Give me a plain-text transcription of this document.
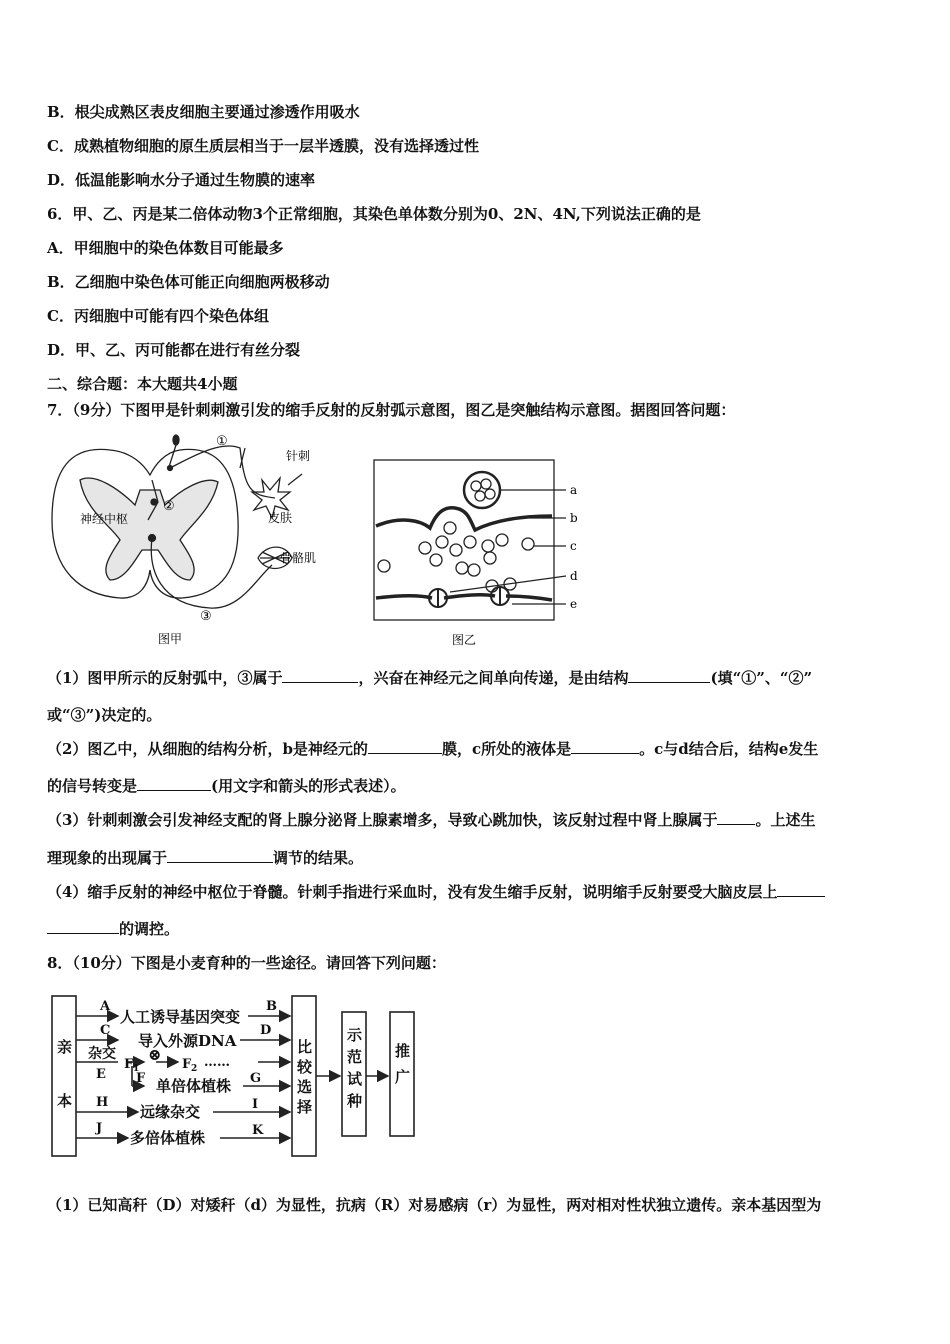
B．根尖成熟区表皮细胞主要通过渗透作用吸水
C．成熟植物细胞的原生质层相当于一层半透膜，没有选择透过性
D．低温能影响水分子通过生物膜的速率
6．甲、乙、丙是某二倍体动物3个正常细胞，其染色单体数分别为0、2N、4N,下列说法正确的是
A．甲细胞中的染色体数目可能最多
B．乙细胞中染色体可能正向细胞两极移动
C．丙细胞中可能有四个染色体组
D．甲、乙、丙可能都在进行有丝分裂
二、综合题：本大题共4小题
7．（9分）下图甲是针刺刺激引发的缩手反射的反射弧示意图，图乙是突触结构示意图。据图回答问题：
①
②
③
神经中枢
针刺
皮肤
骨骼肌
图甲
a
b
c
d
e
图乙
（1）图甲所示的反射弧中，③属于	，兴奋在神经元之间单向传递，是由结构	(填“①”、“②”
或“③”)决定的。
（2）图乙中，从细胞的结构分析，b是神经元的	膜，c所处的液体是	。c与d结合后，结构e发生
的信号转变是	(用文字和箭头的形式表述）。
（3）针刺刺激会引发神经支配的肾上腺分泌肾上腺素增多，导致心跳加快，该反射过程中肾上腺属于	。上述生
理现象的出现属于	调节的结果。
（4）缩手反射的神经中枢位于脊髓。针刺手指进行采血时，没有发生缩手反射，说明缩手反射要受大脑皮层上
的调控。
8．（10分）下图是小麦育种的一些途径。请回答下列问题：
亲
本
比
较
选
择
示
范
试
种
推
广
A
人工诱导基因突变
B
C
导入外源DNA
D
杂交
F 1
⊗
F 2 ……
E F 单倍体植株 G
H
远缘杂交	I
J
多倍体植株	K
（1）已知高秆（D）对矮秆（d）为显性，抗病（R）对易感病（r）为显性，两对相对性状独立遗传。亲本基因型为
